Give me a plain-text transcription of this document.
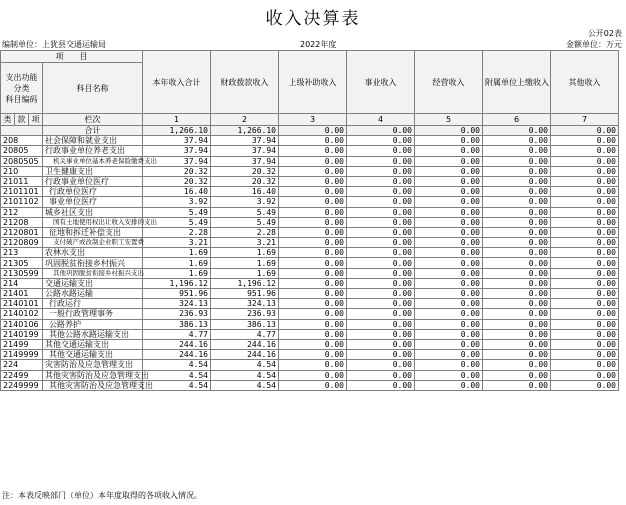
收入决算表
公开02表
编制单位：上犹县交通运输局	2022年度	金额单位：万元
项　　目				本年收入合计	财政拨款收入	上级补助收入	事业收入	经营收入	附属单位上缴收入	其他收入
支出功能分类
科目编码			科目名称							
类	款	项	栏次	1	2	3	4	5	6	7
			合计	1,266.10	1,266.10	0.00	0.00	0.00	0.00	0.00
208			社会保障和就业支出	37.94	37.94	0.00	0.00	0.00	0.00	0.00
20805			行政事业单位养老支出	37.94	37.94	0.00	0.00	0.00	0.00	0.00
2080505			机关事业单位基本养老保险缴费支出	37.94	37.94	0.00	0.00	0.00	0.00	0.00
210			卫生健康支出	20.32	20.32	0.00	0.00	0.00	0.00	0.00
21011			行政事业单位医疗	20.32	20.32	0.00	0.00	0.00	0.00	0.00
2101101			行政单位医疗	16.40	16.40	0.00	0.00	0.00	0.00	0.00
2101102			事业单位医疗	3.92	3.92	0.00	0.00	0.00	0.00	0.00
212			城乡社区支出	5.49	5.49	0.00	0.00	0.00	0.00	0.00
21208			国有土地使用权出让收入安排的支出	5.49	5.49	0.00	0.00	0.00	0.00	0.00
2120801			征地和拆迁补偿支出	2.28	2.28	0.00	0.00	0.00	0.00	0.00
2120809			支付破产或改制企业职工安置费	3.21	3.21	0.00	0.00	0.00	0.00	0.00
213			农林水支出	1.69	1.69	0.00	0.00	0.00	0.00	0.00
21305			巩固脱贫衔接乡村振兴	1.69	1.69	0.00	0.00	0.00	0.00	0.00
2130599			其他巩固脱贫衔接乡村振兴支出	1.69	1.69	0.00	0.00	0.00	0.00	0.00
214			交通运输支出	1,196.12	1,196.12	0.00	0.00	0.00	0.00	0.00
21401			公路水路运输	951.96	951.96	0.00	0.00	0.00	0.00	0.00
2140101			行政运行	324.13	324.13	0.00	0.00	0.00	0.00	0.00
2140102			一般行政管理事务	236.93	236.93	0.00	0.00	0.00	0.00	0.00
2140106			公路养护	386.13	386.13	0.00	0.00	0.00	0.00	0.00
2140199			其他公路水路运输支出	4.77	4.77	0.00	0.00	0.00	0.00	0.00
21499			其他交通运输支出	244.16	244.16	0.00	0.00	0.00	0.00	0.00
2149999			其他交通运输支出	244.16	244.16	0.00	0.00	0.00	0.00	0.00
224			灾害防治及应急管理支出	4.54	4.54	0.00	0.00	0.00	0.00	0.00
22499			其他灾害防治及应急管理支出	4.54	4.54	0.00	0.00	0.00	0.00	0.00
2249999			其他灾害防治及应急管理支出	4.54	4.54	0.00	0.00	0.00	0.00	0.00
注：本表反映部门（单位）本年度取得的各项收入情况。
